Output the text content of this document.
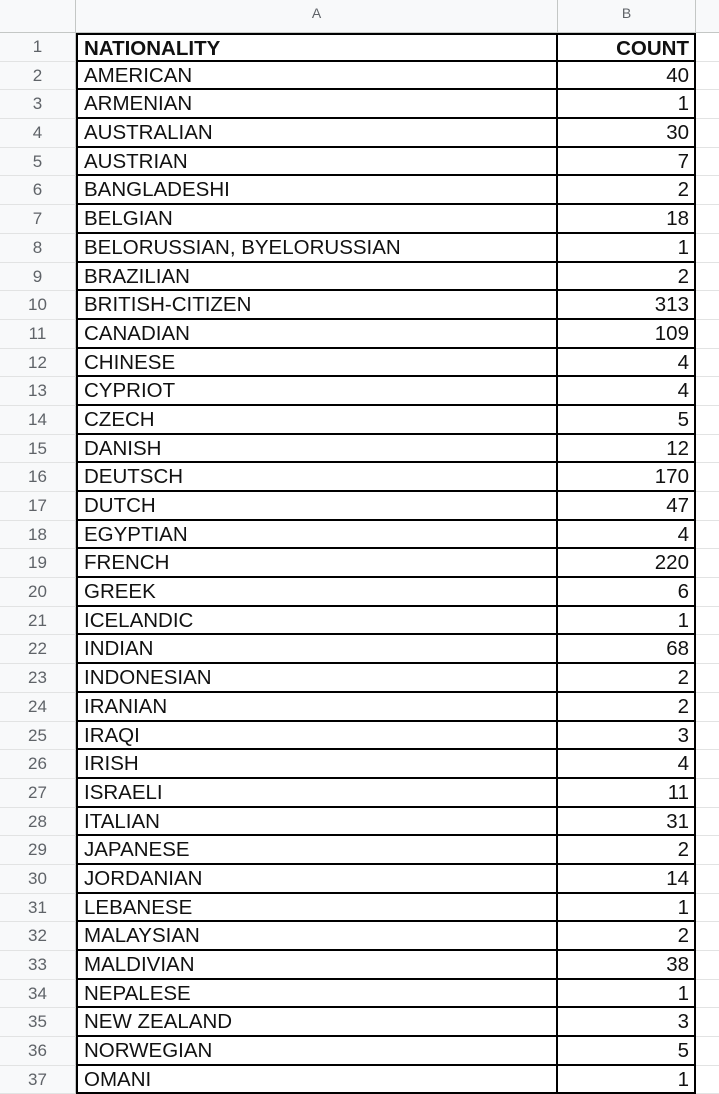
A	B
1	NATIONALITY	COUNT
2	AMERICAN	40
3	ARMENIAN	1
4	AUSTRALIAN	30
5	AUSTRIAN	7
6	BANGLADESHI	2
7	BELGIAN	18
8	BELORUSSIAN, BYELORUSSIAN	1
9	BRAZILIAN	2
10	BRITISH-CITIZEN	313
11	CANADIAN	109
12	CHINESE	4
13	CYPRIOT	4
14	CZECH	5
15	DANISH	12
16	DEUTSCH	170
17	DUTCH	47
18	EGYPTIAN	4
19	FRENCH	220
20	GREEK	6
21	ICELANDIC	1
22	INDIAN	68
23	INDONESIAN	2
24	IRANIAN	2
25	IRAQI	3
26	IRISH	4
27	ISRAELI	11
28	ITALIAN	31
29	JAPANESE	2
30	JORDANIAN	14
31	LEBANESE	1
32	MALAYSIAN	2
33	MALDIVIAN	38
34	NEPALESE	1
35	NEW ZEALAND	3
36	NORWEGIAN	5
37	OMANI	1
